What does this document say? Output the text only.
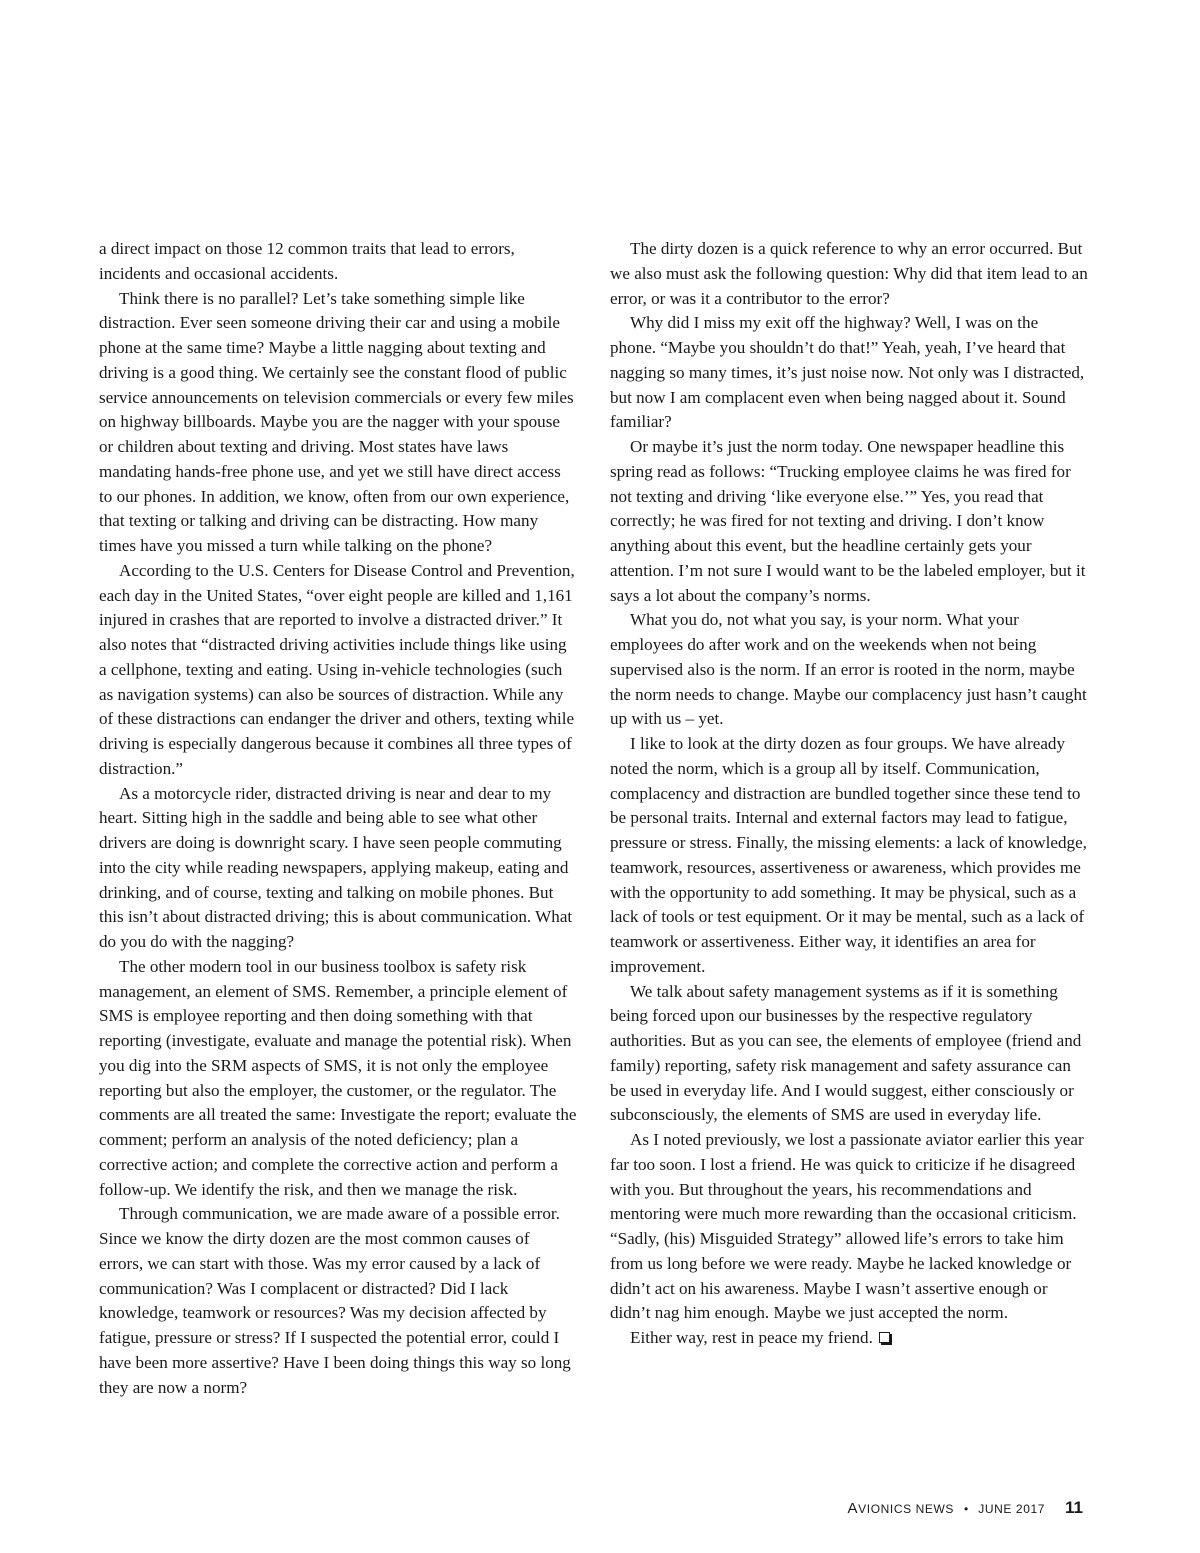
a direct impact on those 12 common traits that lead to errors, incidents and occasional accidents.

Think there is no parallel? Let’s take something simple like distraction. Ever seen someone driving their car and using a mobile phone at the same time? Maybe a little nagging about texting and driving is a good thing. We certainly see the constant flood of public service announcements on television commercials or every few miles on highway billboards. Maybe you are the nagger with your spouse or children about texting and driving. Most states have laws mandating hands-free phone use, and yet we still have direct access to our phones. In addition, we know, often from our own experience, that texting or talking and driving can be distracting. How many times have you missed a turn while talking on the phone?

According to the U.S. Centers for Disease Control and Prevention, each day in the United States, “over eight people are killed and 1,161 injured in crashes that are reported to involve a distracted driver.” It also notes that “distracted driving activities include things like using a cellphone, texting and eating. Using in-vehicle technologies (such as navigation systems) can also be sources of distraction. While any of these distractions can endanger the driver and others, texting while driving is especially dangerous because it combines all three types of distraction.”

As a motorcycle rider, distracted driving is near and dear to my heart. Sitting high in the saddle and being able to see what other drivers are doing is downright scary. I have seen people commuting into the city while reading newspapers, applying makeup, eating and drinking, and of course, texting and talking on mobile phones. But this isn’t about distracted driving; this is about communication. What do you do with the nagging?

The other modern tool in our business toolbox is safety risk management, an element of SMS. Remember, a principle element of SMS is employee reporting and then doing something with that reporting (investigate, evaluate and manage the potential risk). When you dig into the SRM aspects of SMS, it is not only the employee reporting but also the employer, the customer, or the regulator. The comments are all treated the same: Investigate the report; evaluate the comment; perform an analysis of the noted deficiency; plan a corrective action; and complete the corrective action and perform a follow-up. We identify the risk, and then we manage the risk.

Through communication, we are made aware of a possible error. Since we know the dirty dozen are the most common causes of errors, we can start with those. Was my error caused by a lack of communication? Was I complacent or distracted? Did I lack knowledge, teamwork or resources? Was my decision affected by fatigue, pressure or stress? If I suspected the potential error, could I have been more assertive? Have I been doing things this way so long they are now a norm?

The dirty dozen is a quick reference to why an error occurred. But we also must ask the following question: Why did that item lead to an error, or was it a contributor to the error?

Why did I miss my exit off the highway? Well, I was on the phone. “Maybe you shouldn’t do that!” Yeah, yeah, I’ve heard that nagging so many times, it’s just noise now. Not only was I distracted, but now I am complacent even when being nagged about it. Sound familiar?

Or maybe it’s just the norm today. One newspaper headline this spring read as follows: “Trucking employee claims he was fired for not texting and driving ‘like everyone else.’” Yes, you read that correctly; he was fired for not texting and driving. I don’t know anything about this event, but the headline certainly gets your attention. I’m not sure I would want to be the labeled employer, but it says a lot about the company’s norms.

What you do, not what you say, is your norm. What your employees do after work and on the weekends when not being supervised also is the norm. If an error is rooted in the norm, maybe the norm needs to change. Maybe our complacency just hasn’t caught up with us – yet.

I like to look at the dirty dozen as four groups. We have already noted the norm, which is a group all by itself. Communication, complacency and distraction are bundled together since these tend to be personal traits. Internal and external factors may lead to fatigue, pressure or stress. Finally, the missing elements: a lack of knowledge, teamwork, resources, assertiveness or awareness, which provides me with the opportunity to add something. It may be physical, such as a lack of tools or test equipment. Or it may be mental, such as a lack of teamwork or assertiveness. Either way, it identifies an area for improvement.

We talk about safety management systems as if it is something being forced upon our businesses by the respective regulatory authorities. But as you can see, the elements of employee (friend and family) reporting, safety risk management and safety assurance can be used in everyday life. And I would suggest, either consciously or subconsciously, the elements of SMS are used in everyday life.

As I noted previously, we lost a passionate aviator earlier this year far too soon. I lost a friend. He was quick to criticize if he disagreed with you. But throughout the years, his recommendations and mentoring were much more rewarding than the occasional criticism. “Sadly, (his) Misguided Strategy” allowed life’s errors to take him from us long before we were ready. Maybe he lacked knowledge or didn’t act on his awareness. Maybe I wasn’t assertive enough or didn’t nag him enough. Maybe we just accepted the norm.

Either way, rest in peace my friend.

AVIONICS NEWS • JUNE 2017 11
